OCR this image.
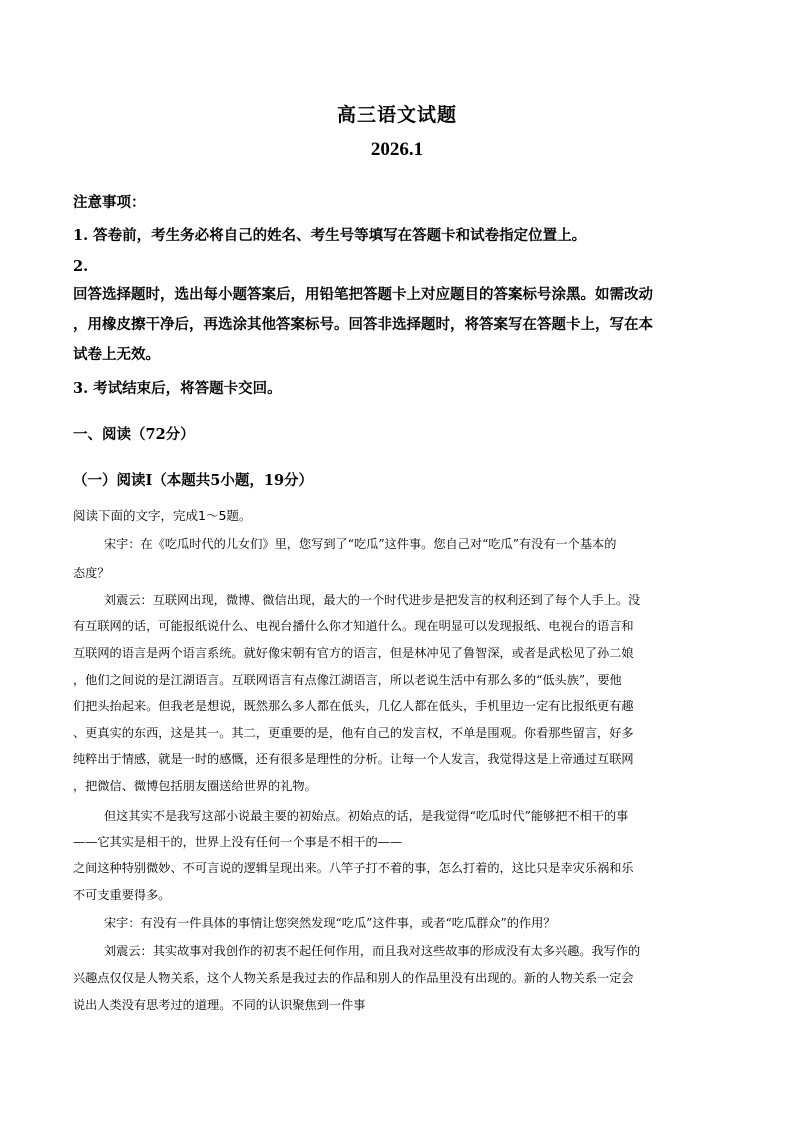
高三语文试题
2026.1
注意事项：
1. 答卷前，考生务必将自己的姓名、考生号等填写在答题卡和试卷指定位置上。
2.
回答选择题时，选出每小题答案后，用铅笔把答题卡上对应题目的答案标号涂黑。如需改动
，用橡皮擦干净后，再选涂其他答案标号。回答非选择题时，将答案写在答题卡上，写在本
试卷上无效。
3. 考试结束后，将答题卡交回。
一、阅读（72分）
（一）阅读Ⅰ（本题共5小题，19分）
阅读下面的文字，完成1～5题。
宋宇：在《吃瓜时代的儿女们》里，您写到了“吃瓜”这件事。您自己对“吃瓜”有没有一个基本的
态度？
刘震云：互联网出现，微博、微信出现，最大的一个时代进步是把发言的权利还到了每个人手上。没
有互联网的话，可能报纸说什么、电视台播什么你才知道什么。现在明显可以发现报纸、电视台的语言和
互联网的语言是两个语言系统。就好像宋朝有官方的语言，但是林冲见了鲁智深，或者是武松见了孙二娘
，他们之间说的是江湖语言。互联网语言有点像江湖语言，所以老说生活中有那么多的“低头族”，要他
们把头抬起来。但我老是想说，既然那么多人都在低头，几亿人都在低头，手机里边一定有比报纸更有趣
、更真实的东西，这是其一。其二，更重要的是，他有自己的发言权，不单是围观。你看那些留言，好多
纯粹出于情感，就是一时的感慨，还有很多是理性的分析。让每一个人发言，我觉得这是上帝通过互联网
，把微信、微博包括朋友圈送给世界的礼物。
但这其实不是我写这部小说最主要的初始点。初始点的话，是我觉得“吃瓜时代”能够把不相干的事
——它其实是相干的，世界上没有任何一个事是不相干的——
之间这种特别微妙、不可言说的逻辑呈现出来。八竿子打不着的事，怎么打着的，这比只是幸灾乐祸和乐
不可支重要得多。
宋宇：有没有一件具体的事情让您突然发现“吃瓜”这件事，或者“吃瓜群众”的作用？
刘震云：其实故事对我创作的初衷不起任何作用，而且我对这些故事的形成没有太多兴趣。我写作的
兴趣点仅仅是人物关系，这个人物关系是我过去的作品和别人的作品里没有出现的。新的人物关系一定会
说出人类没有思考过的道理。不同的认识聚焦到一件事
